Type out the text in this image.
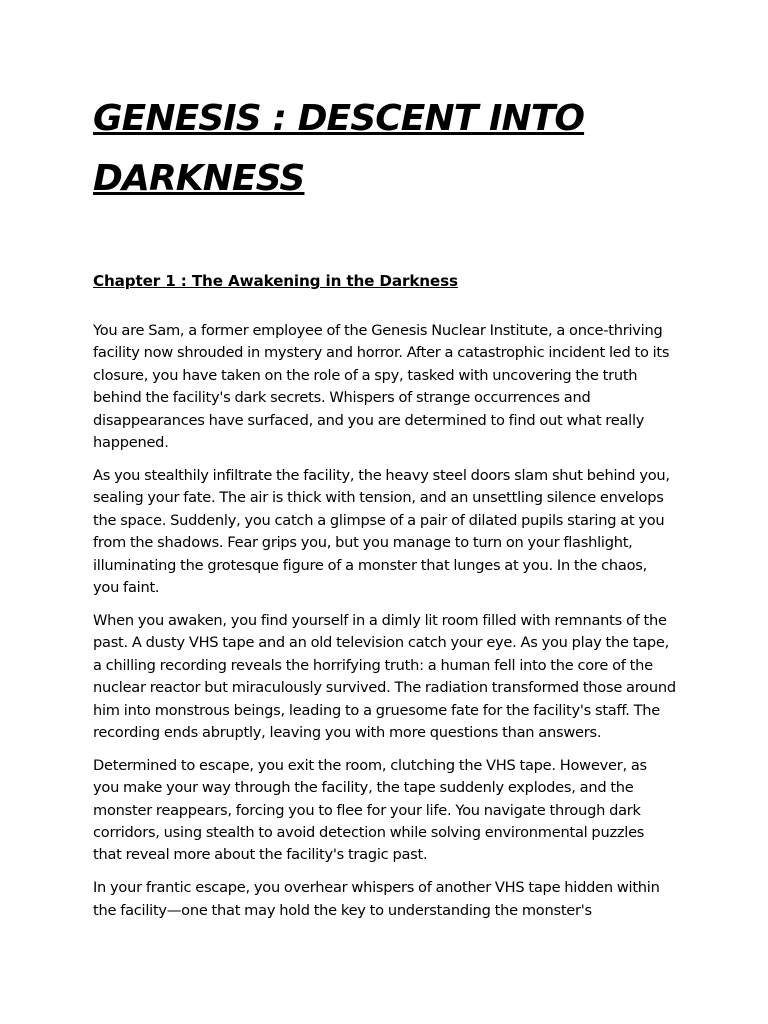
GENESIS : DESCENT INTO DARKNESS
Chapter 1 : The Awakening in the Darkness

You are Sam, a former employee of the Genesis Nuclear Institute, a once-thriving facility now shrouded in mystery and horror. After a catastrophic incident led to its closure, you have taken on the role of a spy, tasked with uncovering the truth behind the facility's dark secrets. Whispers of strange occurrences and disappearances have surfaced, and you are determined to find out what really happened.

As you stealthily infiltrate the facility, the heavy steel doors slam shut behind you, sealing your fate. The air is thick with tension, and an unsettling silence envelops the space. Suddenly, you catch a glimpse of a pair of dilated pupils staring at you from the shadows. Fear grips you, but you manage to turn on your flashlight, illuminating the grotesque figure of a monster that lunges at you. In the chaos, you faint.

When you awaken, you find yourself in a dimly lit room filled with remnants of the past. A dusty VHS tape and an old television catch your eye. As you play the tape, a chilling recording reveals the horrifying truth: a human fell into the core of the nuclear reactor but miraculously survived. The radiation transformed those around him into monstrous beings, leading to a gruesome fate for the facility's staff. The recording ends abruptly, leaving you with more questions than answers.

Determined to escape, you exit the room, clutching the VHS tape. However, as you make your way through the facility, the tape suddenly explodes, and the monster reappears, forcing you to flee for your life. You navigate through dark corridors, using stealth to avoid detection while solving environmental puzzles that reveal more about the facility's tragic past.

In your frantic escape, you overhear whispers of another VHS tape hidden within the facility—one that may hold the key to understanding the monster's
